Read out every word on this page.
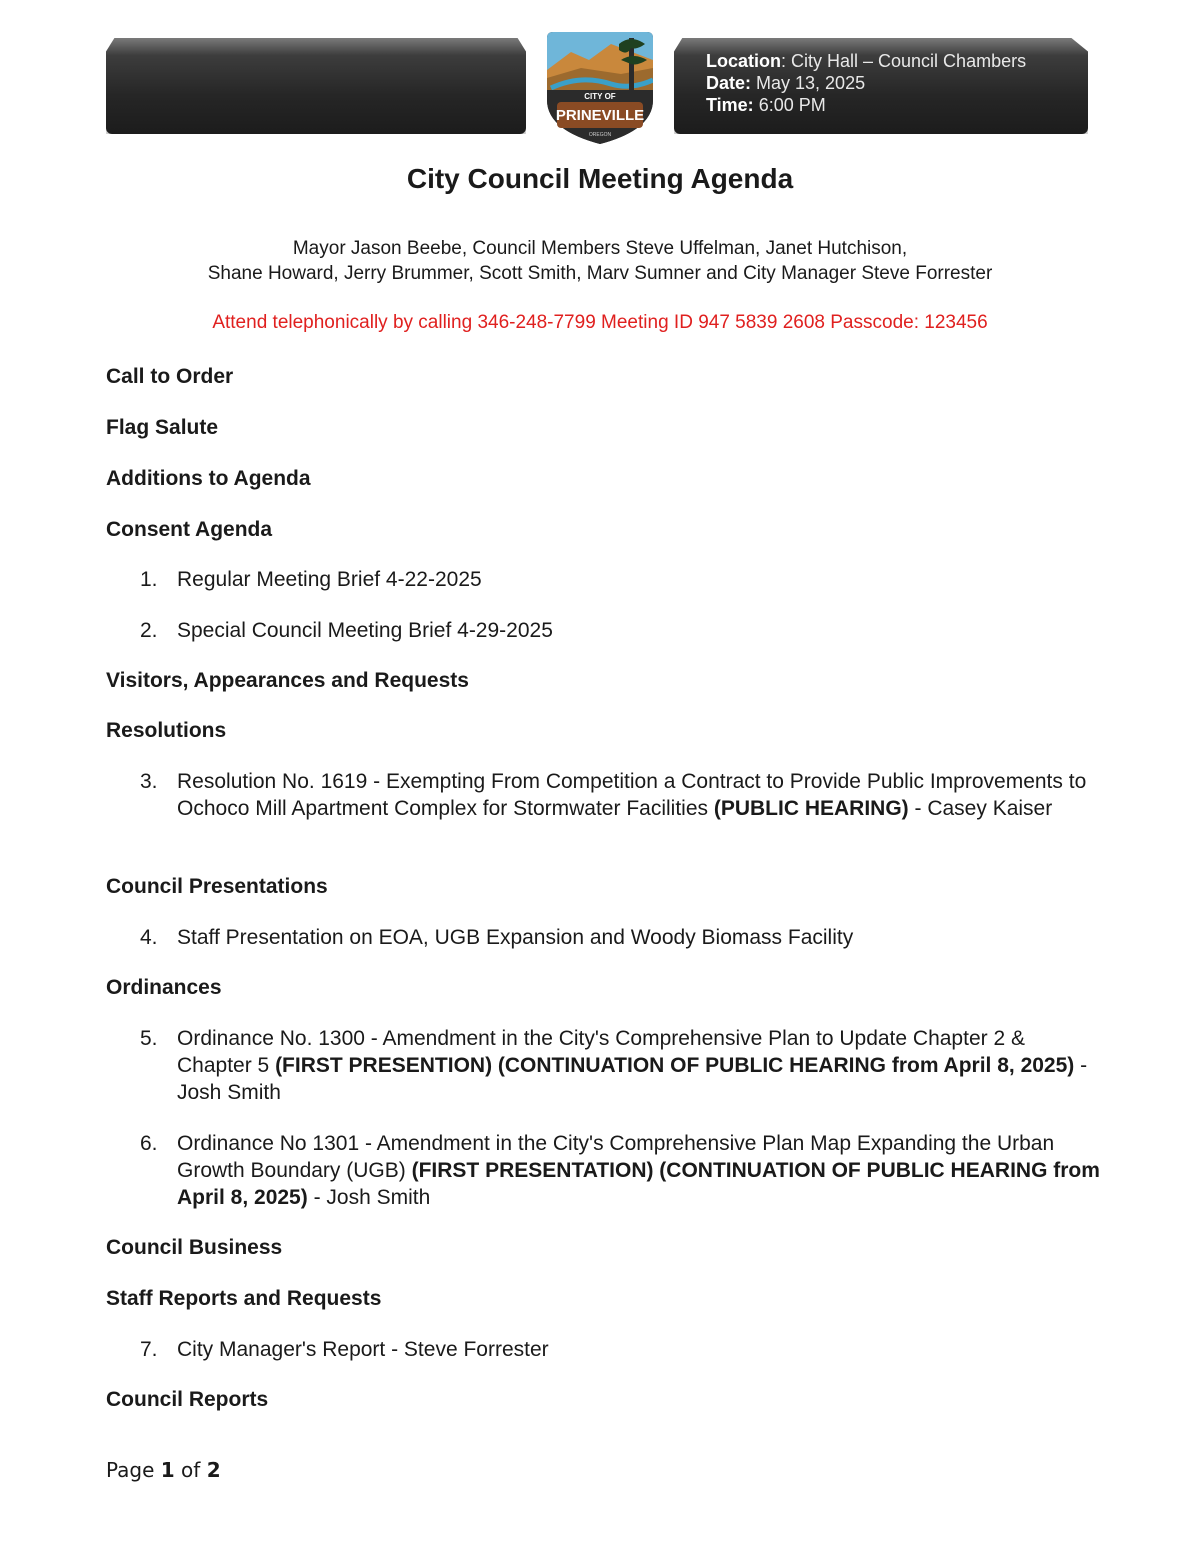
Location: City Hall – Council Chambers
Date: May 13, 2025
Time: 6:00 PM
CITY OF
PRINEVILLE
OREGON
City Council Meeting Agenda
Mayor Jason Beebe, Council Members Steve Uffelman, Janet Hutchison,
Shane Howard, Jerry Brummer, Scott Smith, Marv Sumner and City Manager Steve Forrester
Attend telephonically by calling 346-248-7799 Meeting ID 947 5839 2608 Passcode: 123456
Call to Order
Flag Salute
Additions to Agenda
Consent Agenda
1. Regular Meeting Brief 4-22-2025
2. Special Council Meeting Brief 4-29-2025
Visitors, Appearances and Requests
Resolutions
3. Resolution No. 1619 - Exempting From Competition a Contract to Provide Public Improvements to Ochoco Mill Apartment Complex for Stormwater Facilities (PUBLIC HEARING) - Casey Kaiser
Council Presentations
4. Staff Presentation on EOA, UGB Expansion and Woody Biomass Facility
Ordinances
5. Ordinance No. 1300 - Amendment in the City's Comprehensive Plan to Update Chapter 2 & Chapter 5 (FIRST PRESENTION) (CONTINUATION OF PUBLIC HEARING from April 8, 2025) - Josh Smith
6. Ordinance No 1301 - Amendment in the City's Comprehensive Plan Map Expanding the Urban Growth Boundary (UGB) (FIRST PRESENTATION) (CONTINUATION OF PUBLIC HEARING from April 8, 2025) - Josh Smith
Council Business
Staff Reports and Requests
7. City Manager's Report - Steve Forrester
Council Reports
Page 1 of 2
